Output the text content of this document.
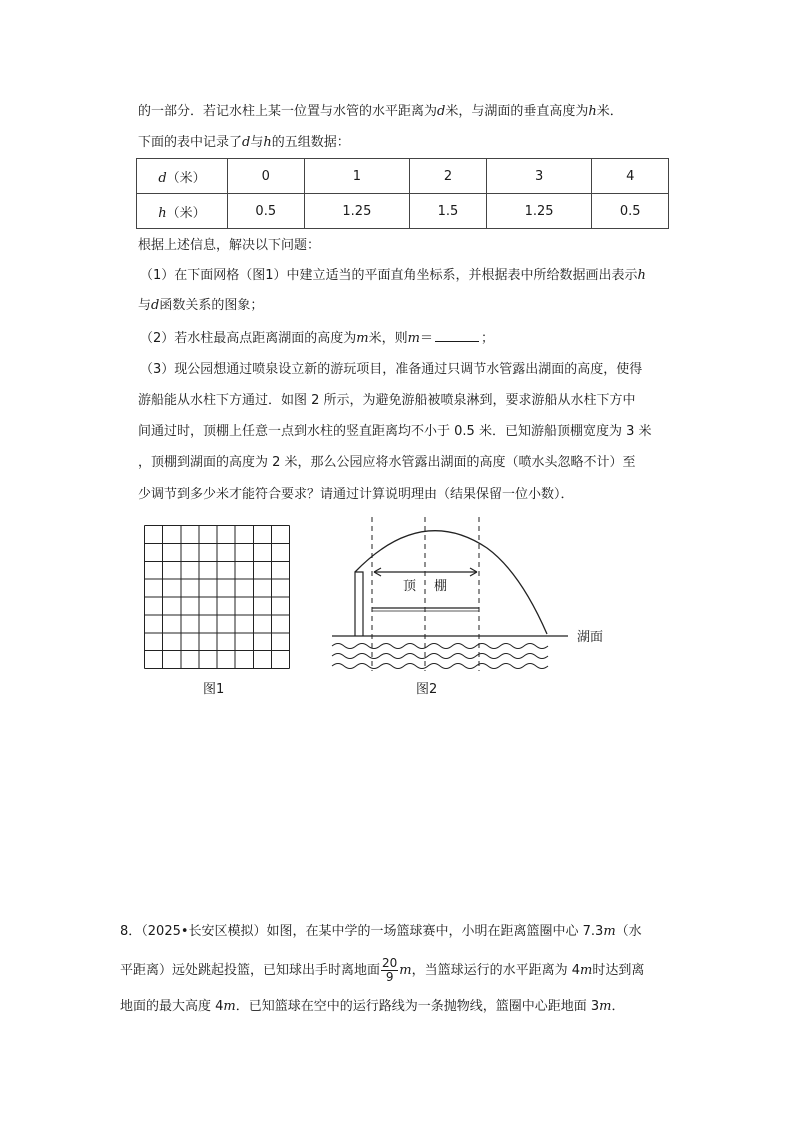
的一部分．若记水柱上某一位置与水管的水平距离为d米，与湖面的垂直高度为h米．
下面的表中记录了d与h的五组数据：
d（米）	0	1	2	3	4
h（米）	0.5	1.25	1.5	1.25	0.5
根据上述信息，解决以下问题：
（1）在下面网格（图1）中建立适当的平面直角坐标系，并根据表中所给数据画出表示h
与d函数关系的图象；
（2）若水柱最高点距离湖面的高度为m米，则m＝	；
（3）现公园想通过喷泉设立新的游玩项目，准备通过只调节水管露出湖面的高度，使得
游船能从水柱下方通过．如图 2 所示，为避免游船被喷泉淋到，要求游船从水柱下方中
间通过时，顶棚上任意一点到水柱的竖直距离均不小于 0.5 米．已知游船顶棚宽度为 3 米
，顶棚到湖面的高度为 2 米，那么公园应将水管露出湖面的高度（喷水头忽略不计）至
少调节到多少米才能符合要求？请通过计算说明理由（结果保留一位小数）．
图1
顶 棚
湖面
图2
8．（2025•长安区模拟）如图，在某中学的一场篮球赛中，小明在距离篮圈中心 7.3m（水
平距离）远处跳起投篮，已知球出手时离地面 $\frac{20}{9}$ m，当篮球运行的水平距离为 4m时达到离
地面的最大高度 4m．已知篮球在空中的运行路线为一条抛物线，篮圈中心距地面 3m．
